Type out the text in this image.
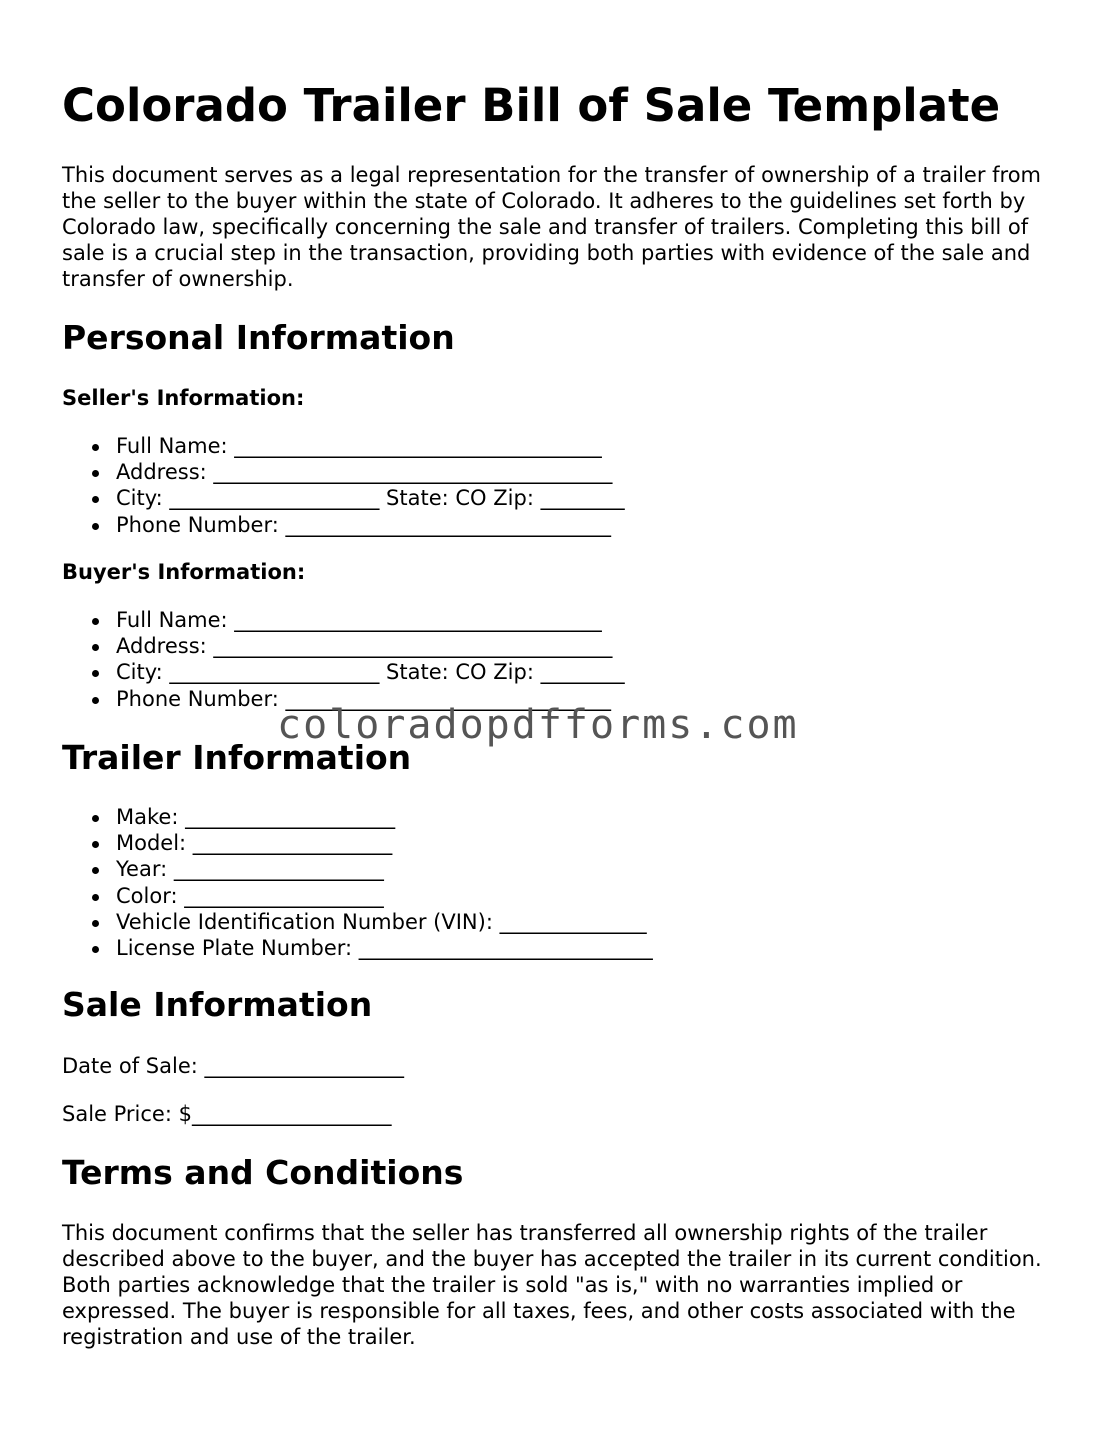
Colorado Trailer Bill of Sale Template

This document serves as a legal representation for the transfer of ownership of a trailer from the seller to the buyer within the state of Colorado. It adheres to the guidelines set forth by Colorado law, specifically concerning the sale and transfer of trailers. Completing this bill of sale is a crucial step in the transaction, providing both parties with evidence of the sale and transfer of ownership.

Personal Information
Seller's Information:
Full Name: ___________________________________
Address: ______________________________________
City: ____________________ State: CO Zip: ________
Phone Number: _______________________________
Buyer's Information:
Full Name: ___________________________________
Address: ______________________________________
City: ____________________ State: CO Zip: ________
Phone Number: _______________________________
Trailer Information
Make: ____________________
Model: ___________________
Year: ____________________
Color: ___________________
Vehicle Identification Number (VIN): ______________
License Plate Number: ____________________________
Sale Information
Date of Sale: ___________________
Sale Price: $___________________
Terms and Conditions

This document confirms that the seller has transferred all ownership rights of the trailer described above to the buyer, and the buyer has accepted the trailer in its current condition. Both parties acknowledge that the trailer is sold "as is," with no warranties implied or expressed. The buyer is responsible for all taxes, fees, and other costs associated with the registration and use of the trailer.

coloradopdfforms.com
